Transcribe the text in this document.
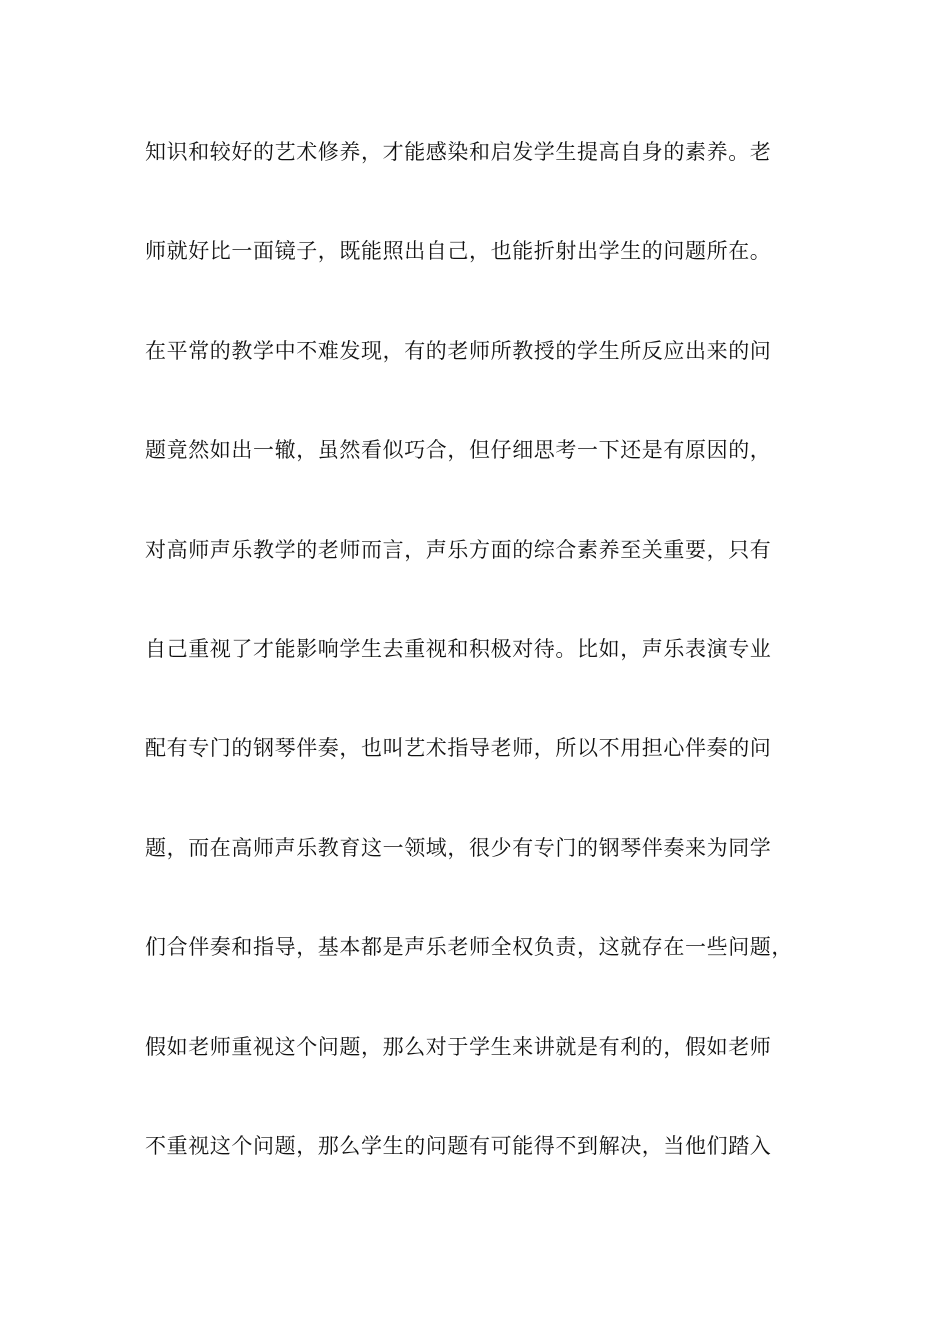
知识和较好的艺术修养，才能感染和启发学生提高自身的素养。老

师就好比一面镜子，既能照出自己，也能折射出学生的问题所在。

在平常的教学中不难发现，有的老师所教授的学生所反应出来的问

题竟然如出一辙，虽然看似巧合，但仔细思考一下还是有原因的，

对高师声乐教学的老师而言，声乐方面的综合素养至关重要，只有

自己重视了才能影响学生去重视和积极对待。比如，声乐表演专业

配有专门的钢琴伴奏，也叫艺术指导老师，所以不用担心伴奏的问

题，而在高师声乐教育这一领域，很少有专门的钢琴伴奏来为同学

们合伴奏和指导，基本都是声乐老师全权负责，这就存在一些问题，

假如老师重视这个问题，那么对于学生来讲就是有利的，假如老师

不重视这个问题，那么学生的问题有可能得不到解决，当他们踏入
